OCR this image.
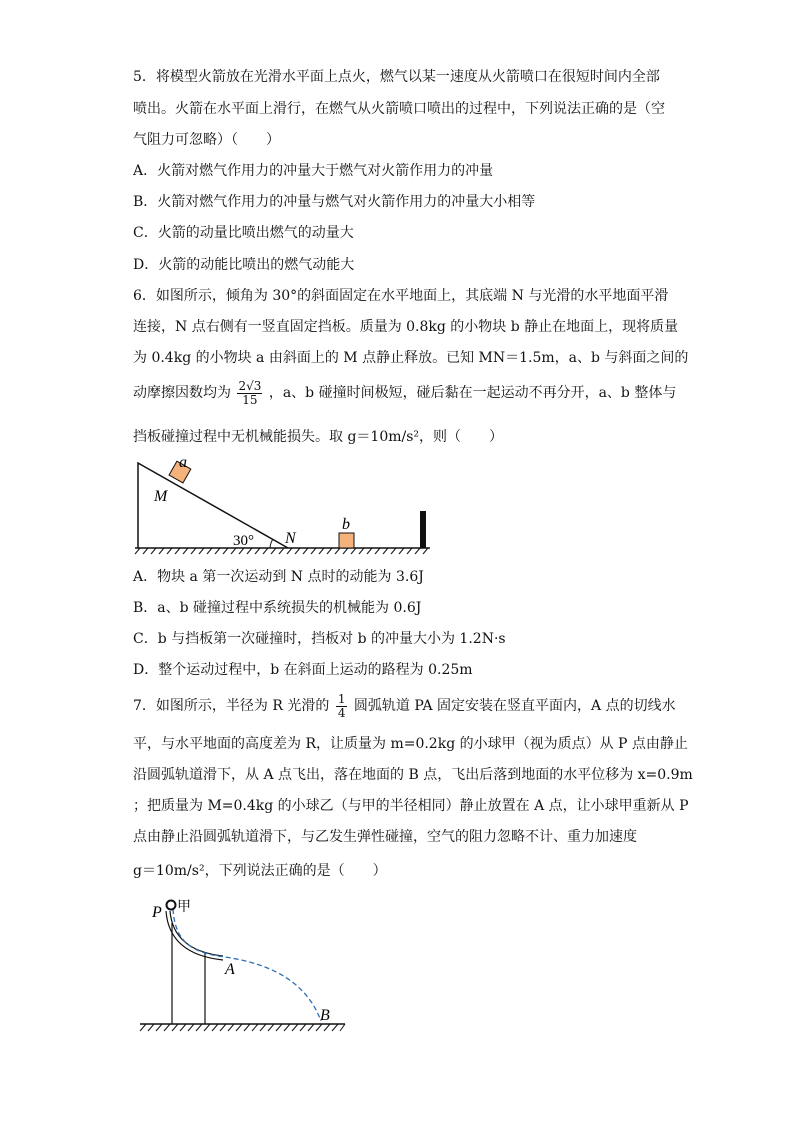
5．将模型火箭放在光滑水平面上点火，燃气以某一速度从火箭喷口在很短时间内全部
喷出。火箭在水平面上滑行，在燃气从火箭喷口喷出的过程中，下列说法正确的是（空
气阻力可忽略）（　　）
A．火箭对燃气作用力的冲量大于燃气对火箭作用力的冲量
B．火箭对燃气作用力的冲量与燃气对火箭作用力的冲量大小相等
C．火箭的动量比喷出燃气的动量大
D．火箭的动能比喷出的燃气动能大
6．如图所示，倾角为 30°的斜面固定在水平地面上，其底端 N 与光滑的水平地面平滑
连接，N 点右侧有一竖直固定挡板。质量为 0.8kg 的小物块 b 静止在地面上，现将质量
为 0.4kg 的小物块 a 由斜面上的 M 点静止释放。已知 MN＝1.5m，a、b 与斜面之间的
动摩擦因数均为 $\frac{2√3}{15}$ ，a、b 碰撞时间极短，碰后黏在一起运动不再分开，a、b 整体与
挡板碰撞过程中无机械能损失。取 g＝10m/s²，则（　　）
a
M
30° N
b
A．物块 a 第一次运动到 N 点时的动能为 3.6J
B．a、b 碰撞过程中系统损失的机械能为 0.6J
C．b 与挡板第一次碰撞时，挡板对 b 的冲量大小为 1.2N·s
D．整个运动过程中，b 在斜面上运动的路程为 0.25m
7．如图所示，半径为 R 光滑的 $\frac{1}{4}$ 圆弧轨道 PA 固定安装在竖直平面内，A 点的切线水
平，与水平地面的高度差为 R，让质量为 m=0.2kg 的小球甲（视为质点）从 P 点由静止
沿圆弧轨道滑下，从 A 点飞出，落在地面的 B 点，飞出后落到地面的水平位移为 x=0.9m
；把质量为 M=0.4kg 的小球乙（与甲的半径相同）静止放置在 A 点，让小球甲重新从 P
点由静止沿圆弧轨道滑下，与乙发生弹性碰撞，空气的阻力忽略不计、重力加速度
g＝10m/s²，下列说法正确的是（　　）
P 甲
A
B
